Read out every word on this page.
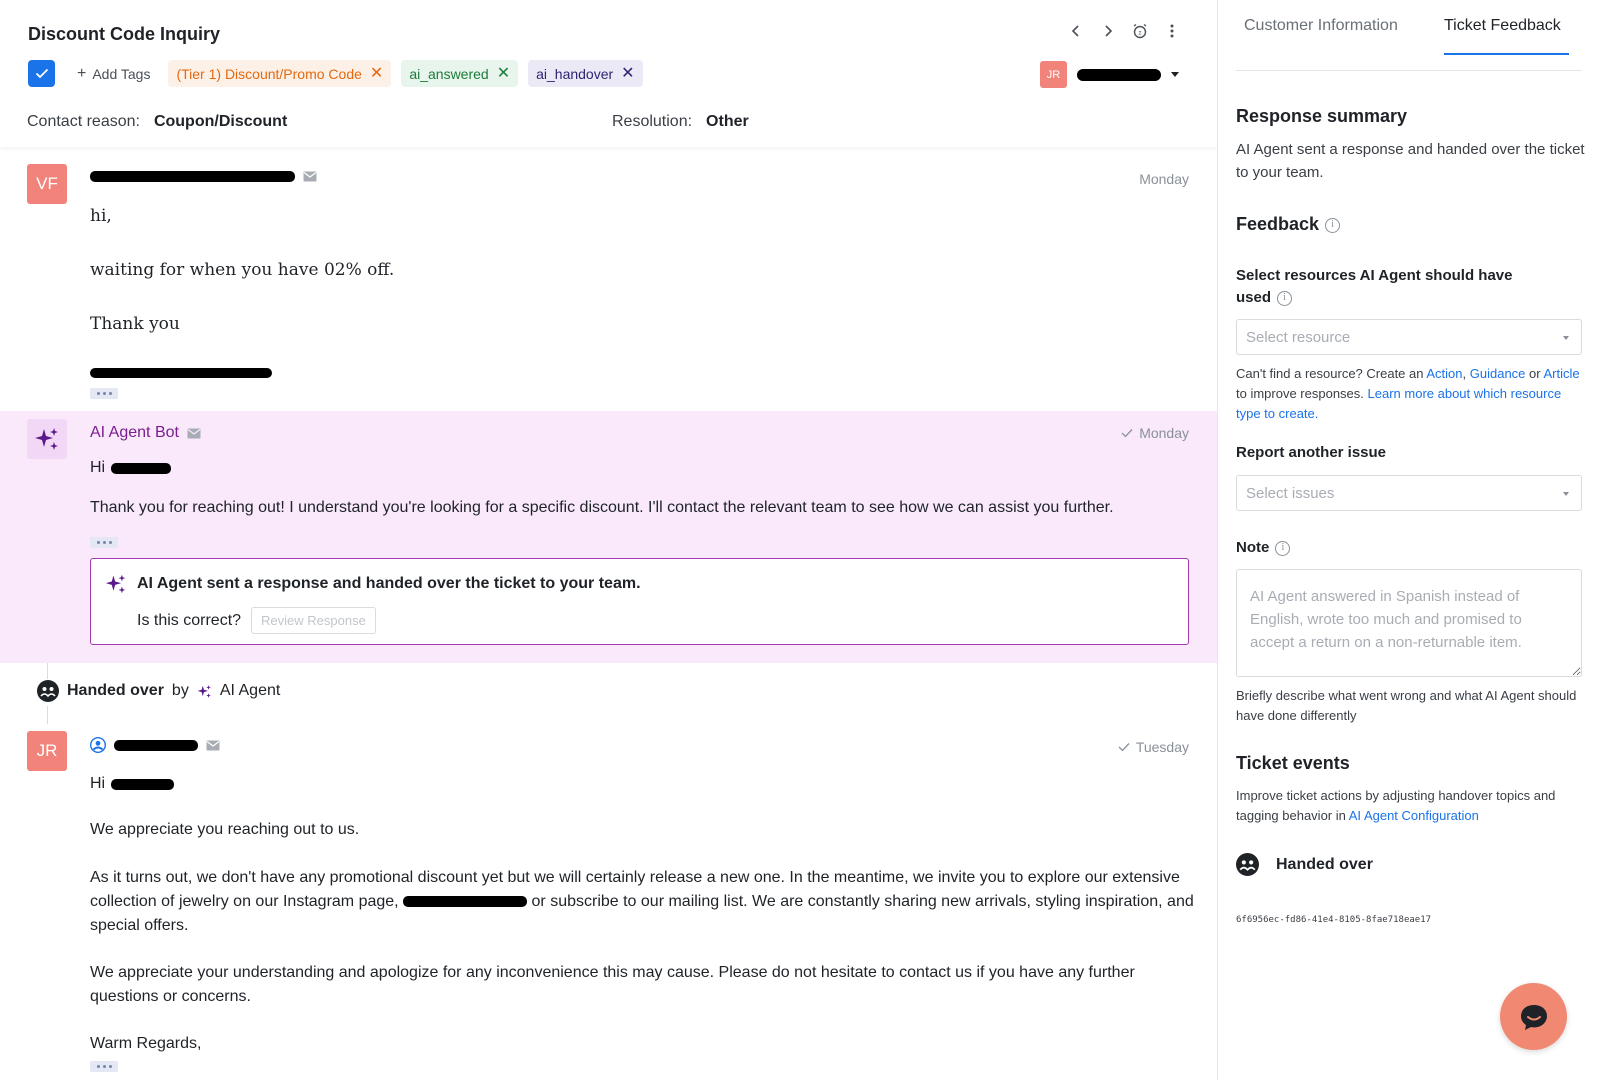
Discount Code Inquiry	z
+ Add Tags (Tier 1) Discount/Promo Code ✕ ai_answered ✕ ai_handover ✕	JR
Contact reason: Coupon/Discount	Resolution: Other
VF	Monday
hi,
waiting for when you have 02% off.
Thank you
AI Agent Bot	Monday
Hi
Thank you for reaching out! I understand you're looking for a specific discount. I'll contact the relevant team to see how we can assist you further.
AI Agent sent a response and handed over the ticket to your team.
Is this correct?	Review Response
Handed over by AI Agent
JR	Tuesday
Hi
We appreciate you reaching out to us.
As it turns out, we don't have any promotional discount yet but we will certainly release a new one. In the meantime, we invite you to explore our extensive collection of jewelry on our Instagram page,	or subscribe to our mailing list. We are constantly sharing new arrivals, styling inspiration, and special offers.
We appreciate your understanding and apologize for any inconvenience this may cause. Please do not hesitate to contact us if you have any further questions or concerns.
Warm Regards,
Customer Information	Ticket Feedback
Response summary
AI Agent sent a response and handed over the ticket to your team.
Feedback i
Select resources AI Agent should have used i
Select resource
Can't find a resource? Create an Action, Guidance or Article to improve responses. Learn more about which resource type to create.
Report another issue
Select issues
Note i
AI Agent answered in Spanish instead of English, wrote too much and promised to accept a return on a non-returnable item.
Briefly describe what went wrong and what AI Agent should have done differently
Ticket events
Improve ticket actions by adjusting handover topics and tagging behavior in AI Agent Configuration
Handed over
6f6956ec-fd86-41e4-8105-8fae718eae17
